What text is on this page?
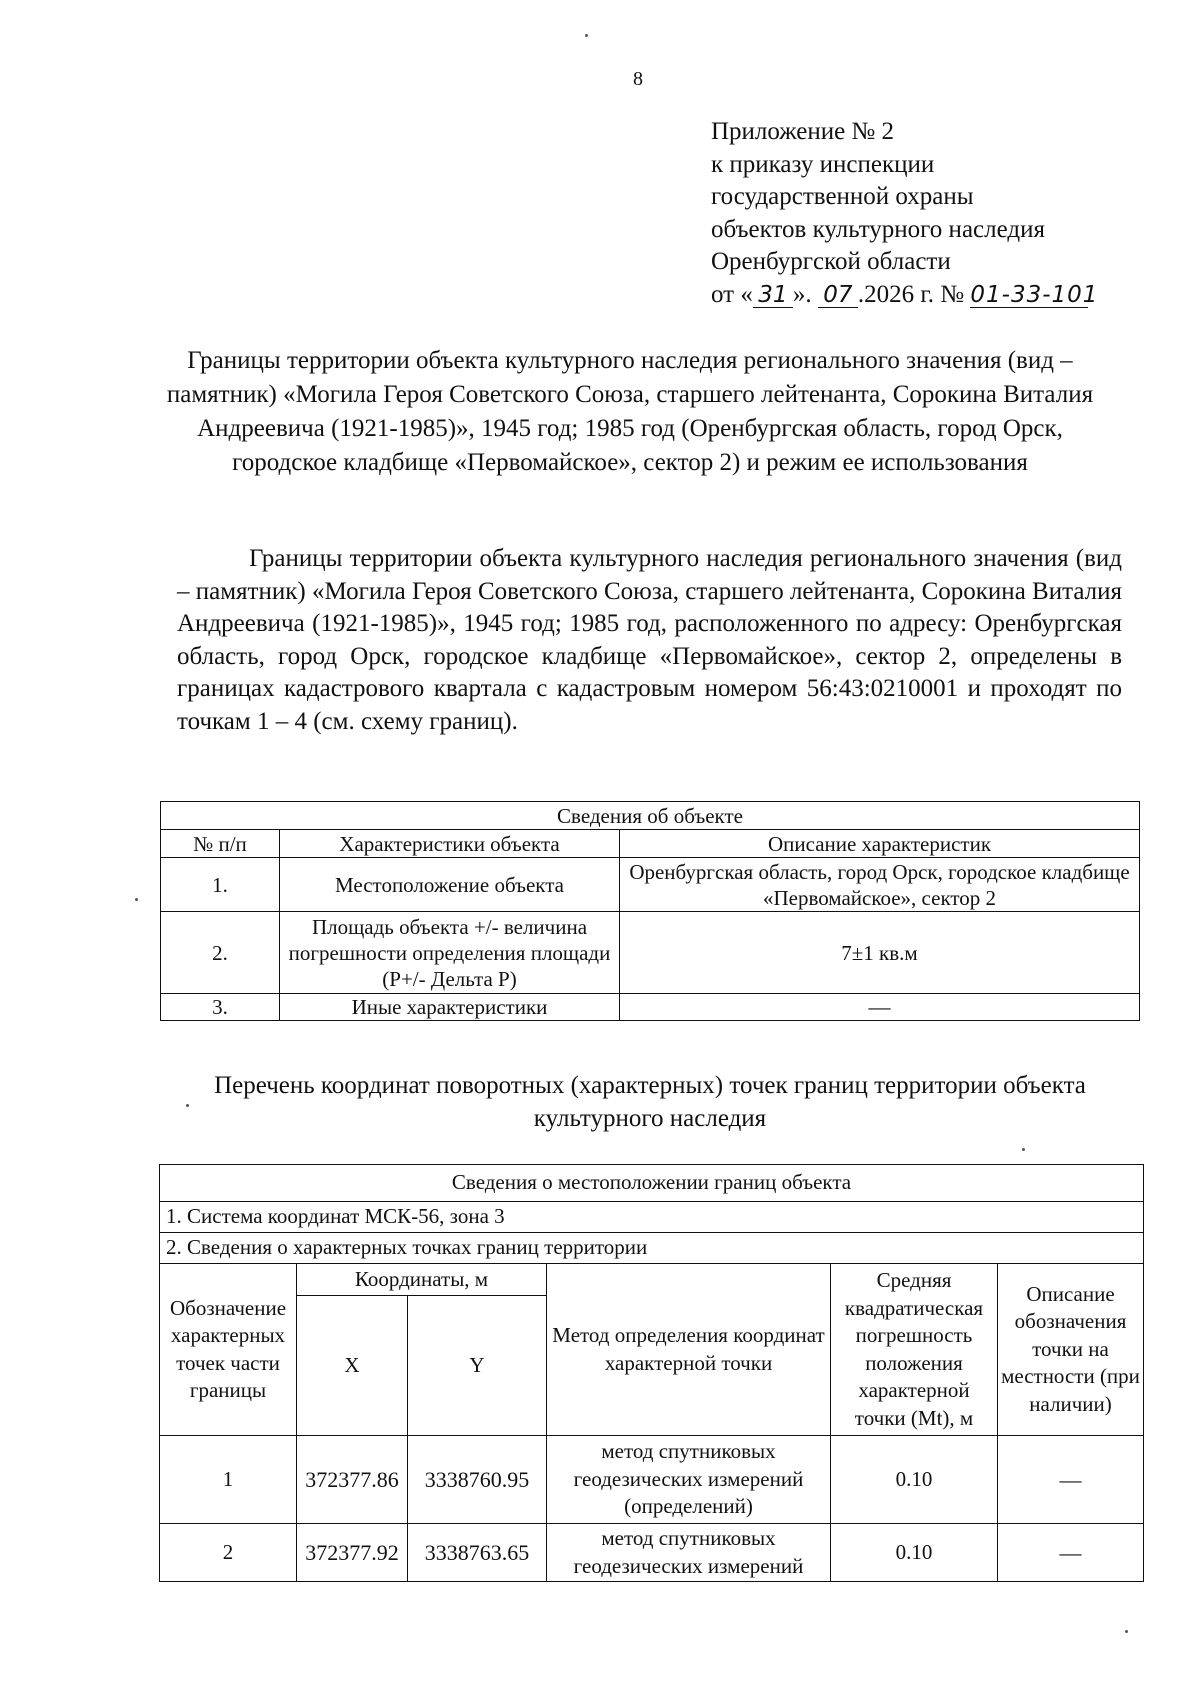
8
Приложение № 2
к приказу инспекции
государственной охраны
объектов культурного наследия
Оренбургской области
от « 31 ». 07 .2026 г. № 01-33-101
Границы территории объекта культурного наследия регионального значения (вид – памятник) «Могила Героя Советского Союза, старшего лейтенанта, Сорокина Виталия Андреевича (1921-1985)», 1945 год; 1985 год (Оренбургская область, город Орск, городское кладбище «Первомайское», сектор 2) и режим ее использования
Границы территории объекта культурного наследия регионального значения (вид – памятник) «Могила Героя Советского Союза, старшего лейтенанта, Сорокина Виталия Андреевича (1921-1985)», 1945 год; 1985 год, расположенного по адресу: Оренбургская область, город Орск, городское кладбище «Первомайское», сектор 2, определены в границах кадастрового квартала с кадастровым номером 56:43:0210001 и проходят по точкам 1 – 4 (см. схему границ).
Сведения об объекте		
№ п/п	Характеристики объекта	Описание характеристик
1.	Местоположение объекта	Оренбургская область, город Орск, городское кладбище «Первомайское», сектор 2
2.	Площадь объекта +/- величина погрешности определения площади (P+/- Дельта P)	7±1 кв.м
3.	Иные характеристики	—
Перечень координат поворотных (характерных) точек границ территории объекта культурного наследия
Сведения о местоположении границ объекта					
1. Система координат МСК-56, зона 3					
2. Сведения о характерных точках границ территории					
Обозначение характерных точек части границы	Координаты, м		Метод определения координат характерной точки	Средняя квадратическая погрешность положения характерной точки (Mt), м	Описание обозначения точки на местности (при наличии)
	X	Y			
1	372377.86	3338760.95	метод спутниковых геодезических измерений (определений)	0.10	—
2	372377.92	3338763.65	метод спутниковых геодезических измерений	0.10	—
